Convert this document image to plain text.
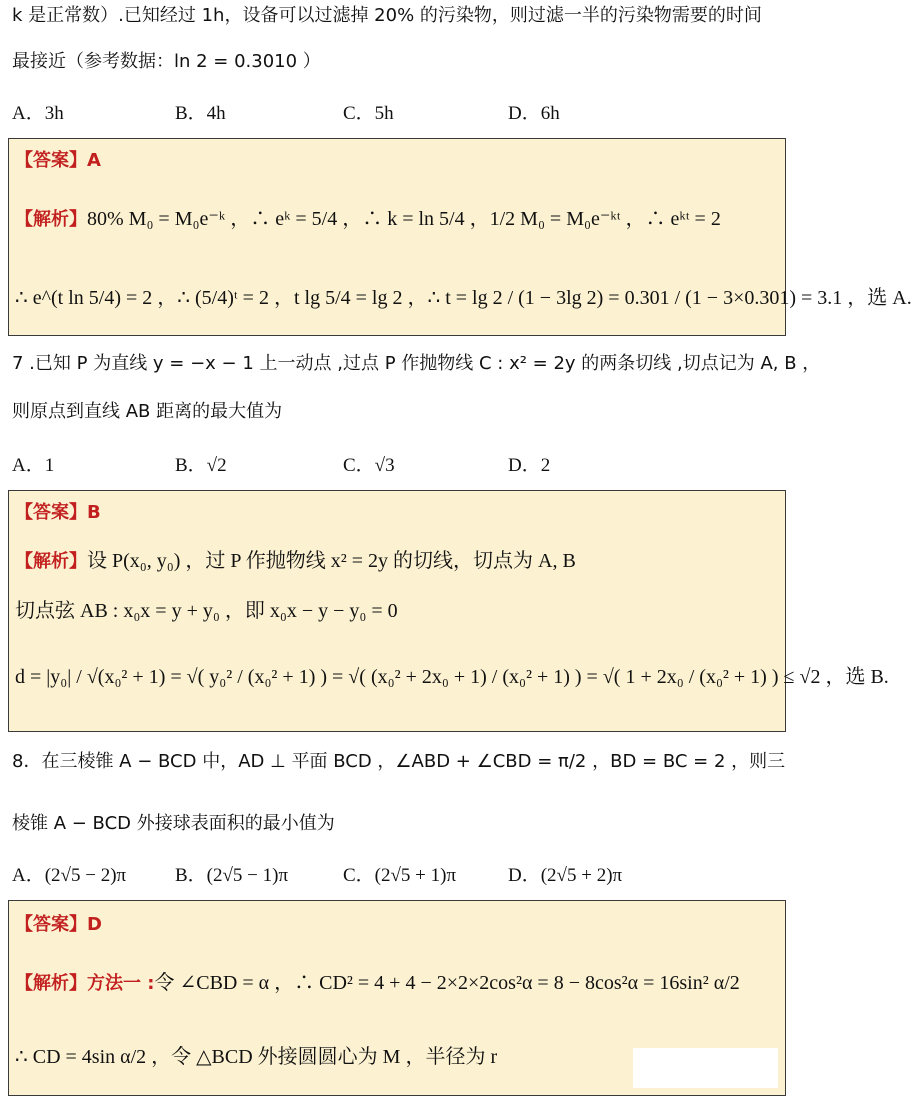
k 是正常数）.已知经过 1h，设备可以过滤掉 20% 的污染物，则过滤一半的污染物需要的时间
最接近（参考数据：ln 2 = 0.3010 ）
A．3h	B．4h	C．5h	D．6h
【答案】A
【解析】80% M₀ = M₀e⁻ᵏ ，∴ eᵏ = 5/4 ，∴ k = ln 5/4 ，1/2 M₀ = M₀e⁻ᵏᵗ ，∴ eᵏᵗ = 2
∴ e^(t ln 5/4) = 2 ，∴ (5/4)ᵗ = 2 ，t lg 5/4 = lg 2 ，∴ t = lg 2 / (1 − 3lg 2) = 0.301 / (1 − 3×0.301) = 3.1 ，选 A.
7 .已知 P 为直线 y = −x − 1 上一动点 ,过点 P 作抛物线 C : x² = 2y 的两条切线 ,切点记为 A, B ，
则原点到直线 AB 距离的最大值为
A．1	B．√2	C．√3	D．2
【答案】B
【解析】设 P(x₀, y₀) ，过 P 作抛物线 x² = 2y 的切线，切点为 A, B
切点弦 AB : x₀x = y + y₀ ，即 x₀x − y − y₀ = 0
d = |y₀| / √(x₀² + 1) = √( y₀² / (x₀² + 1) ) = √( (x₀² + 2x₀ + 1) / (x₀² + 1) ) = √( 1 + 2x₀ / (x₀² + 1) ) ≤ √2 ，选 B.
8．在三棱锥 A − BCD 中，AD ⊥ 平面 BCD ，∠ABD + ∠CBD = π/2 ，BD = BC = 2 ，则三
棱锥 A − BCD 外接球表面积的最小值为
A．(2√5 − 2)π	B．(2√5 − 1)π	C．(2√5 + 1)π	D．(2√5 + 2)π
【答案】D
【解析】方法一 :令 ∠CBD = α ，∴ CD² = 4 + 4 − 2×2×2cos²α = 8 − 8cos²α = 16sin² α/2
∴ CD = 4sin α/2 ，令 △BCD 外接圆圆心为 M ，半径为 r
